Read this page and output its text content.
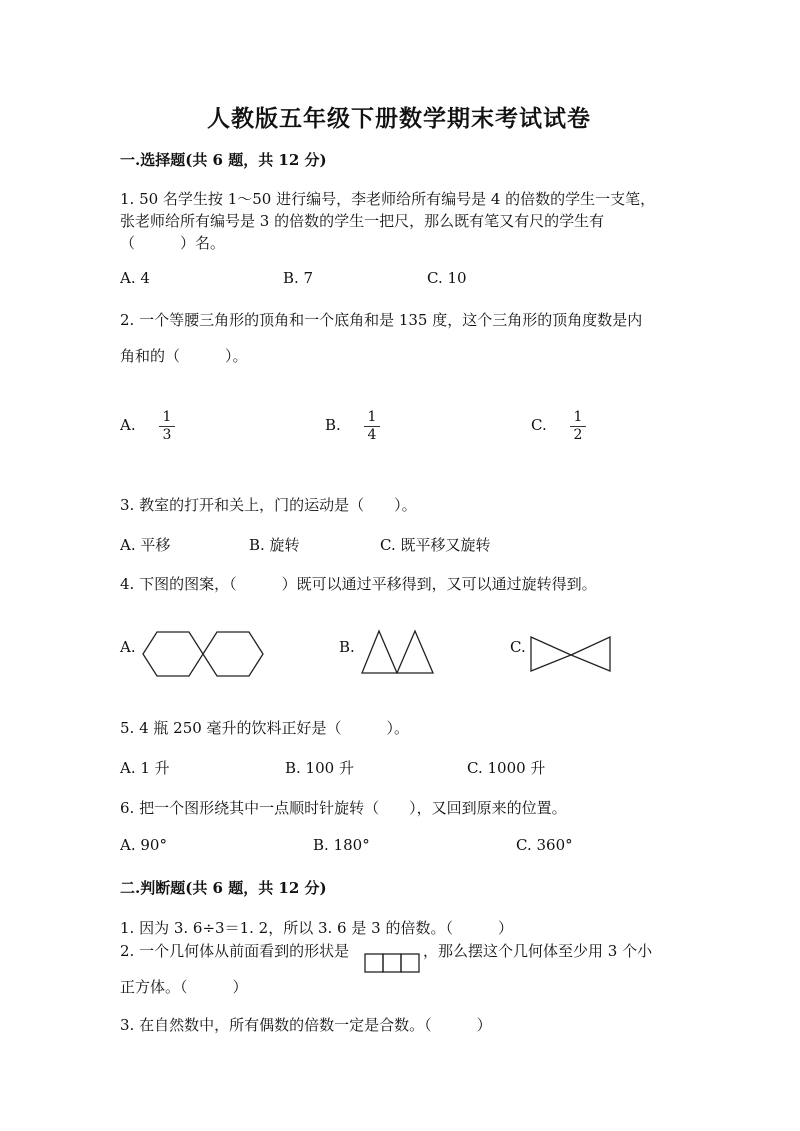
人教版五年级下册数学期末考试试卷
一.选择题(共 6 题，共 12 分)
1. 50 名学生按 1～50 进行编号，李老师给所有编号是 4 的倍数的学生一支笔，
张老师给所有编号是 3 的倍数的学生一把尺，那么既有笔又有尺的学生有
（　　　）名。
A. 4	B. 7	C. 10
2. 一个等腰三角形的顶角和一个底角和是 135 度，这个三角形的顶角度数是内
角和的（　　　）。
A. 1
3
B. 1
4
C. 1
2
3. 教室的打开和关上，门的运动是（　　）。
A. 平移	B. 旋转	C. 既平移又旋转
4. 下图的图案，（　　　）既可以通过平移得到，又可以通过旋转得到。
A.	B.	C.
5. 4 瓶 250 毫升的饮料正好是（　　　）。
A. 1 升	B. 100 升	C. 1000 升
6. 把一个图形绕其中一点顺时针旋转（　　），又回到原来的位置。
A. 90°	B. 180°	C. 360°
二.判断题(共 6 题，共 12 分)
1. 因为 3. 6÷3＝1. 2，所以 3. 6 是 3 的倍数。（　　　）
2. 一个几何体从前面看到的形状是	，那么摆这个几何体至少用 3 个小
正方体。（　　　）
3. 在自然数中，所有偶数的倍数一定是合数。（　　　）
